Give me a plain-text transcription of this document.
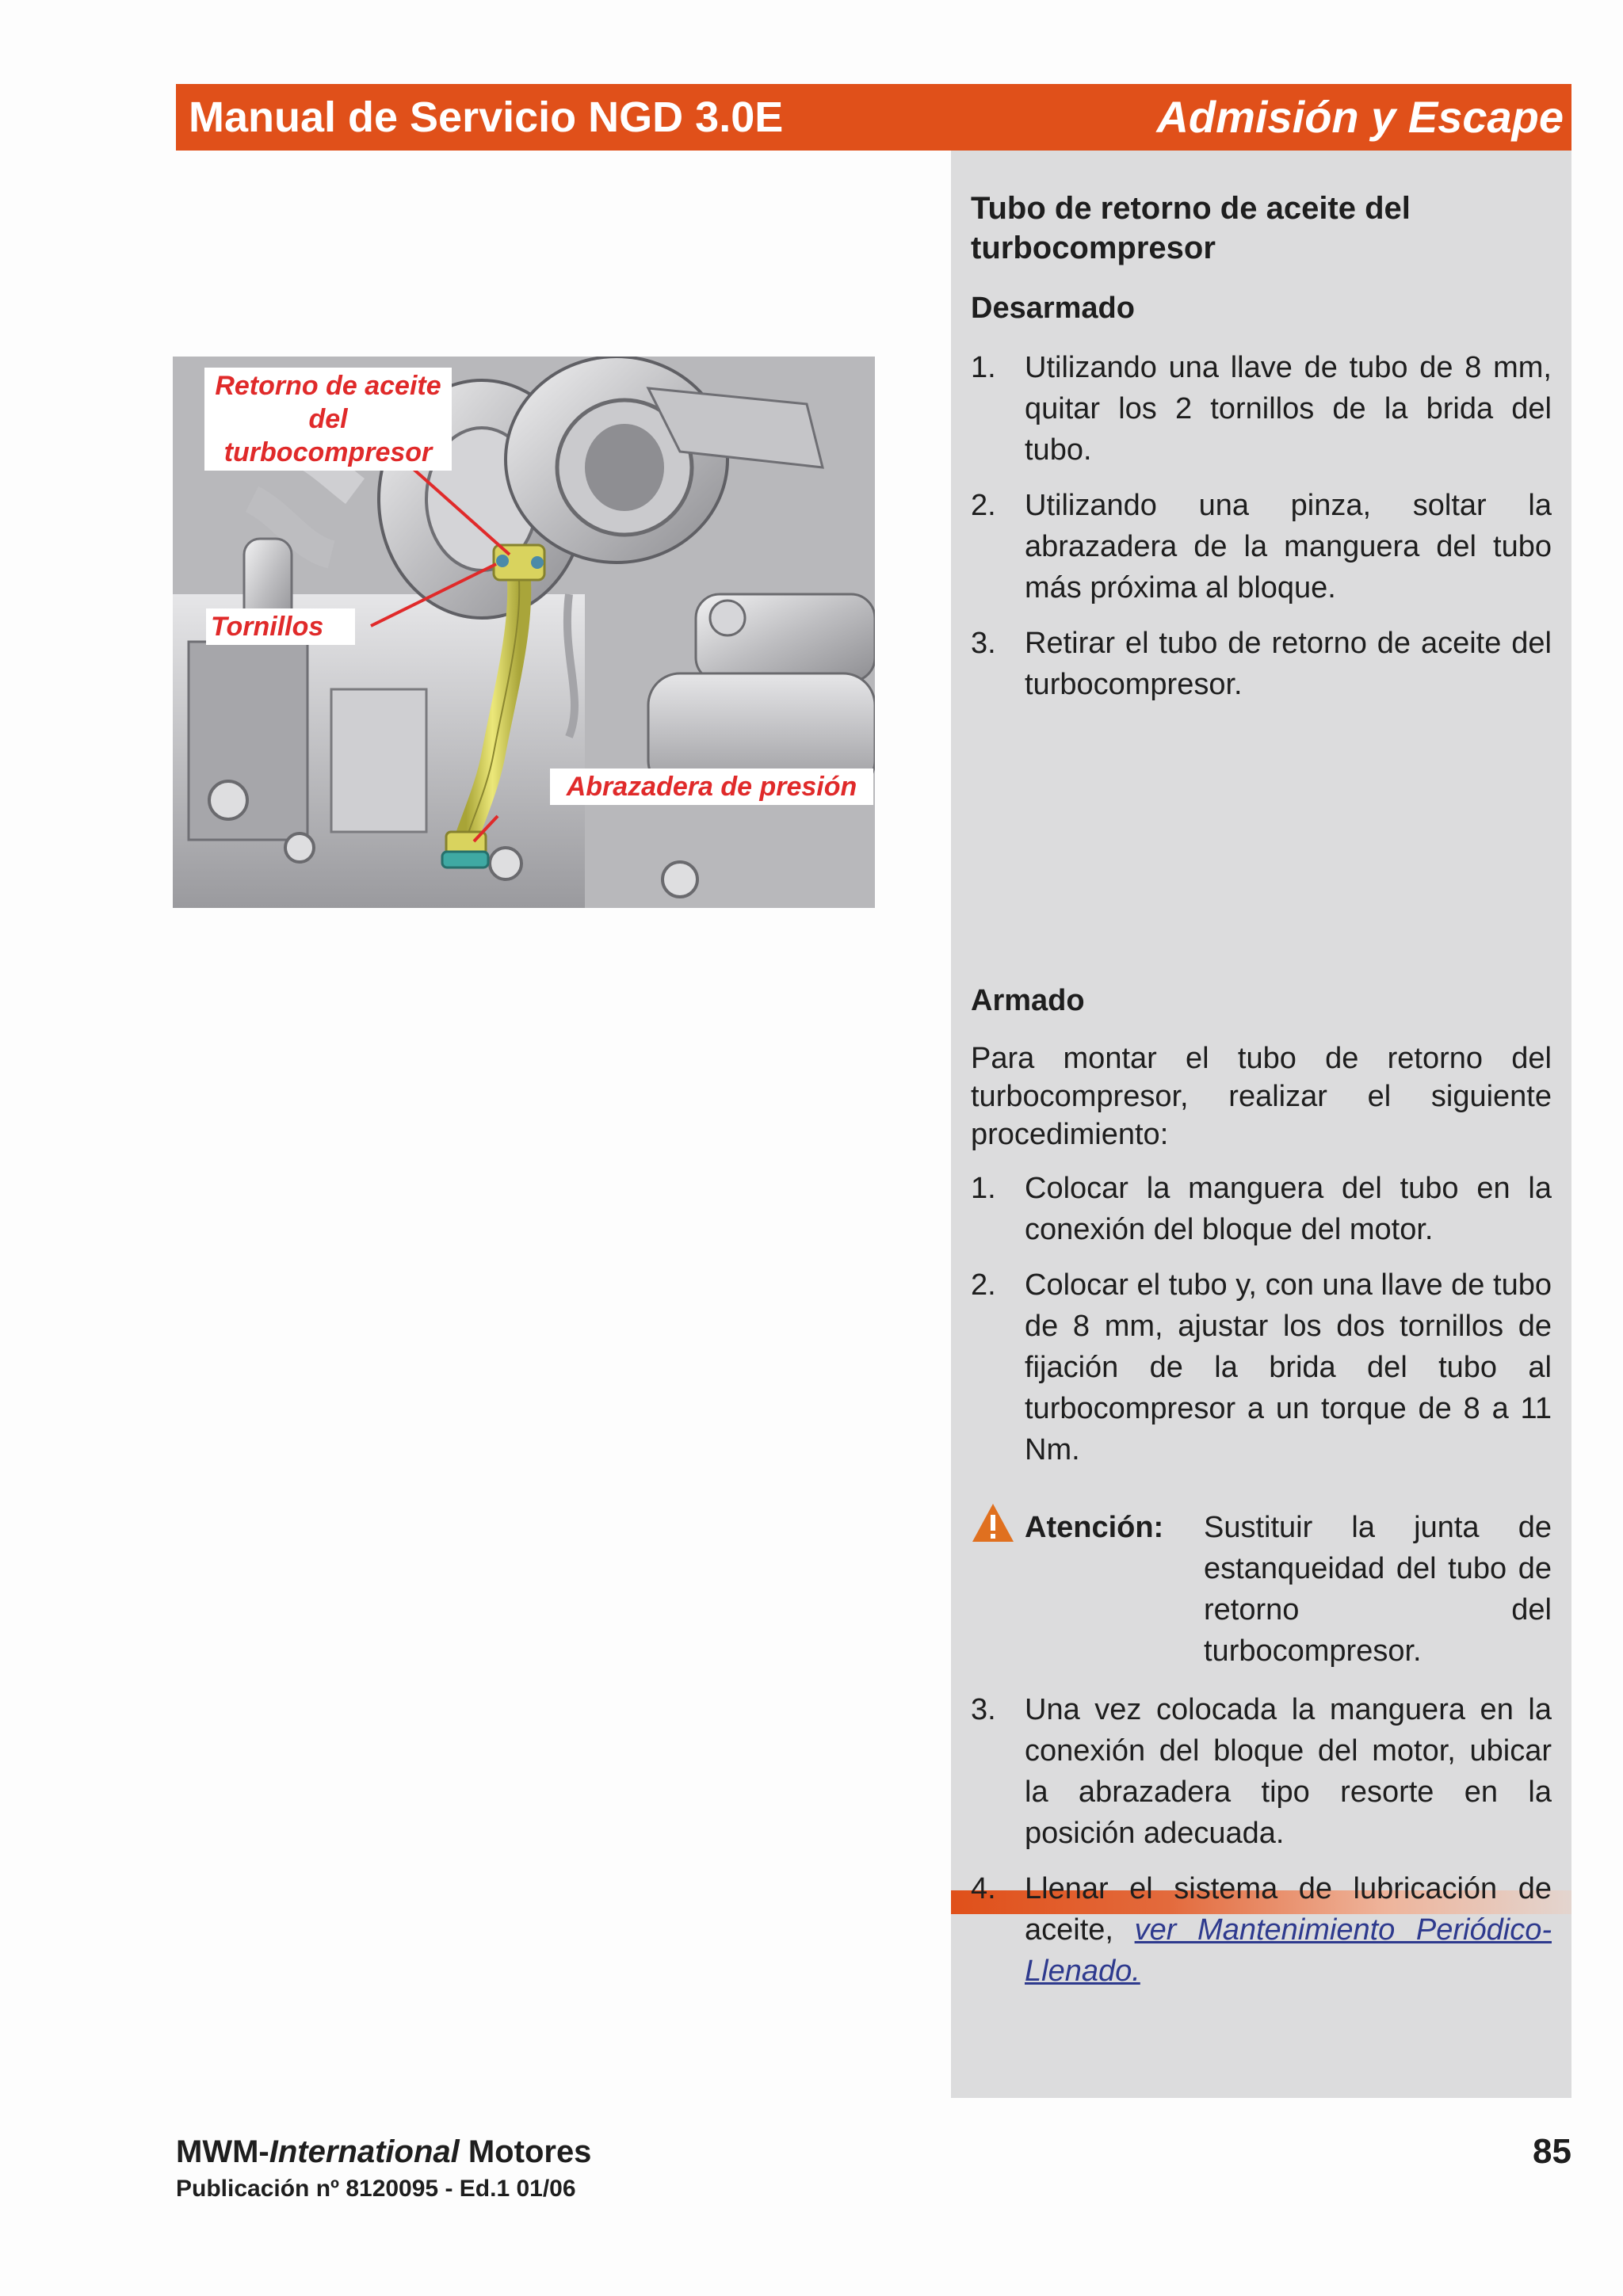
Manual de Servicio NGD 3.0E	Admisión y Escape
Tubo de retorno de aceite del turbocompresor
Desarmado
1. Utilizando una llave de tubo de 8 mm, quitar los 2 tornillos de la brida del tubo.
2. Utilizando una pinza, soltar la abrazadera de la manguera del tubo más próxima al bloque.
3. Retirar el tubo de retorno de aceite del turbocompresor.
Armado
Para montar el tubo de retorno del turbocompresor, realizar el siguiente procedimiento:
1. Colocar la manguera del tubo en la conexión del bloque del motor.
2. Colocar el tubo y, con una llave de tubo de 8 mm, ajustar los dos tornillos de fijación de la brida del tubo al turbocompresor a un torque de 8 a 11 Nm.
Atención: Sustituir la junta de estanqueidad del tubo de retorno del turbocompresor.
3. Una vez colocada la manguera en la conexión del bloque del motor, ubicar la abrazadera tipo resorte en la posición adecuada.
4. Llenar el sistema de lubricación de aceite, ver Mantenimiento Periódico-Llenado.
Retorno de aceite del turbocompresor
Tornillos
Abrazadera de presión
MWM-International Motores
Publicación nº 8120095 - Ed.1 01/06
85
